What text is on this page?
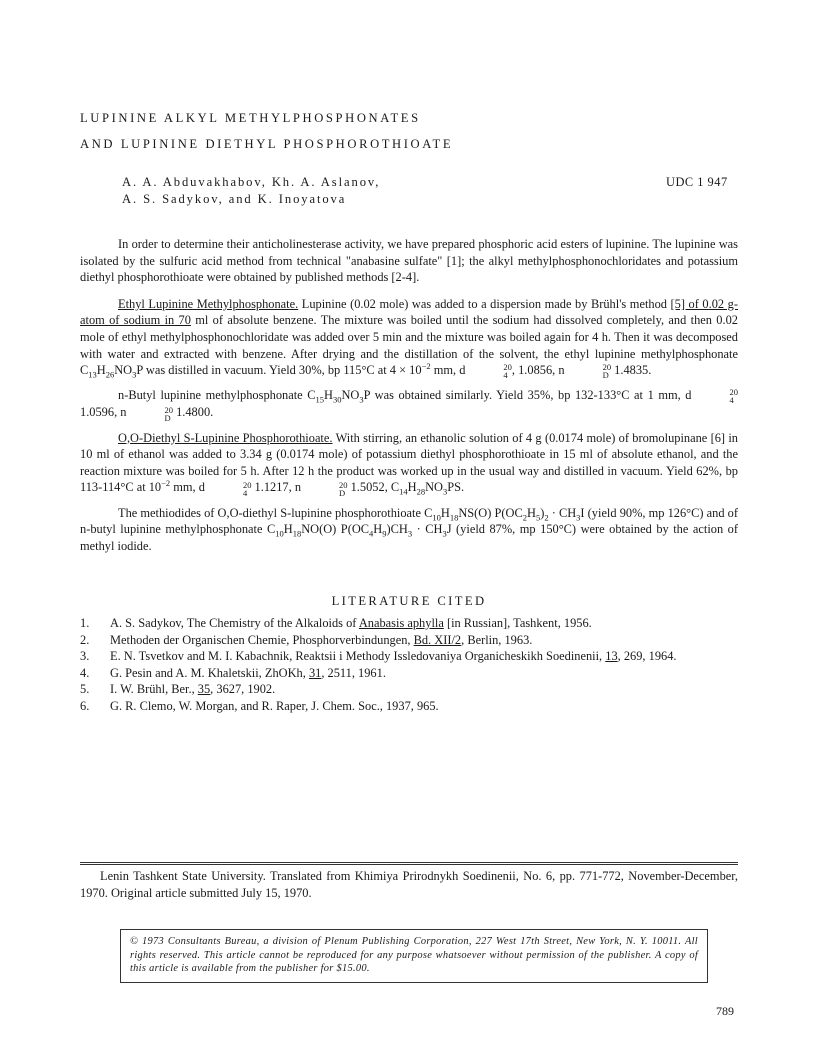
LUPININE ALKYL METHYLPHOSPHONATES
AND LUPININE DIETHYL PHOSPHOROTHIOATE
A. A. Abduvakhabov, Kh. A. Aslanov,
A. S. Sadykov, and K. Inoyatova
UDC 1 947

In order to determine their anticholinesterase activity, we have prepared phosphoric acid esters of lupinine. The lupinine was isolated by the sulfuric acid method from technical "anabasine sulfate" [1]; the alkyl methylphosphonochloridates and potassium diethyl phosphorothioate were obtained by published methods [2-4].

Ethyl Lupinine Methylphosphonate. Lupinine (0.02 mole) was added to a dispersion made by Brühl's method [5] of 0.02 g-atom of sodium in 70 ml of absolute benzene. The mixture was boiled until the sodium had dissolved completely, and then 0.02 mole of ethyl methylphosphonochloridate was added over 5 min and the mixture was boiled again for 4 h. Then it was decomposed with water and extracted with benzene. After drying and the distillation of the solvent, the ethyl lupinine methylphosphonate $C_{13}H_{26}NO_3P$ was distilled in vacuum. Yield 30%, bp 115°C at $4 \times 10^{-2}$ mm, d	20
4 , 1.0856, n	20
D 1.4835.

n-Butyl lupinine methylphosphonate $C_{15}H_{30}NO_3P$ was obtained similarly. Yield 35%, bp 132-133°C at 1 mm, d	20
4
1.0596, n	20
D 1.4800.

O,O-Diethyl S-Lupinine Phosphorothioate. With stirring, an ethanolic solution of 4 g (0.0174 mole) of bromolupinane [6] in 10 ml of ethanol was added to 3.34 g (0.0174 mole) of potassium diethyl phosphorothioate in 15 ml of absolute ethanol, and the reaction mixture was boiled for 5 h. After 12 h the product was worked up in the usual way and distilled in vacuum. Yield 62%, bp 113-114°C at $10^{-2}$ mm, d	20
4 1.1217, n	20
D 1.5052, $C_{14}H_{28}NO_3PS$.

The methiodides of O,O-diethyl S-lupinine phosphorothioate $C_{10}H_{18}NS(O) P(OC_2H_5)_2 \cdot CH_3I$ (yield 90%, mp 126°C) and of n-butyl lupinine methylphosphonate $C_{10}H_{18}NO(O) P(OC_4H_9)CH_3 \cdot CH_3J$ (yield 87%, mp 150°C) were obtained by the action of methyl iodide.

LITERATURE CITED
1.	A. S. Sadykov, The Chemistry of the Alkaloids of Anabasis aphylla [in Russian], Tashkent, 1956.
2.	Methoden der Organischen Chemie, Phosphorverbindungen, Bd. XII/2, Berlin, 1963.
3.	E. N. Tsvetkov and M. I. Kabachnik, Reaktsii i Methody Issledovaniya Organicheskikh Soedinenii, 13, 269, 1964.
4.	G. Pesin and A. M. Khaletskii, ZhOKh, 31, 2511, 1961.
5.	I. W. Brühl, Ber., 35, 3627, 1902.
6.	G. R. Clemo, W. Morgan, and R. Raper, J. Chem. Soc., 1937, 965.
Lenin Tashkent State University. Translated from Khimiya Prirodnykh Soedinenii, No. 6, pp. 771-772, November-December, 1970. Original article submitted July 15, 1970.
© 1973 Consultants Bureau, a division of Plenum Publishing Corporation, 227 West 17th Street, New York, N. Y. 10011. All rights reserved. This article cannot be reproduced for any purpose whatsoever without permission of the publisher. A copy of this article is available from the publisher for $15.00.
789
